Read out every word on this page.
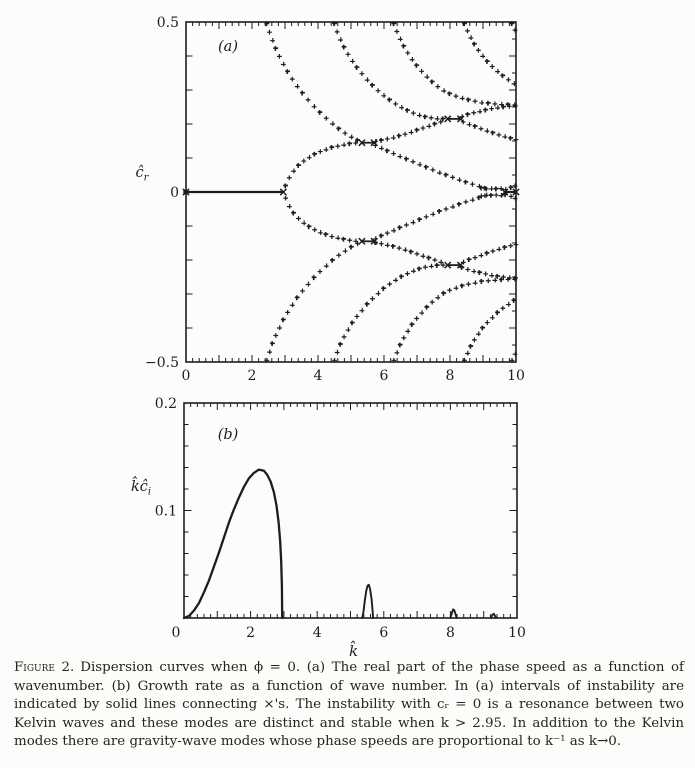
0.5
0
−0.5
0	2	4	6	8	10
(a)
$ĉ_r$
0.2
0.1
0	2	4	6	8	10
(b)
$k̂ĉ_i$
k̂
Figure 2. Dispersion curves when ϕ = 0. (a) The real part of the phase speed as a function of
wavenumber. (b) Growth rate as a function of wave number. In (a) intervals of instability are
indicated by solid lines connecting ×'s. The instability with cᵣ = 0 is a resonance between two
Kelvin waves and these modes are distinct and stable when k > 2.95. In addition to the Kelvin
modes there are gravity-wave modes whose phase speeds are proportional to k⁻¹ as k→0.
